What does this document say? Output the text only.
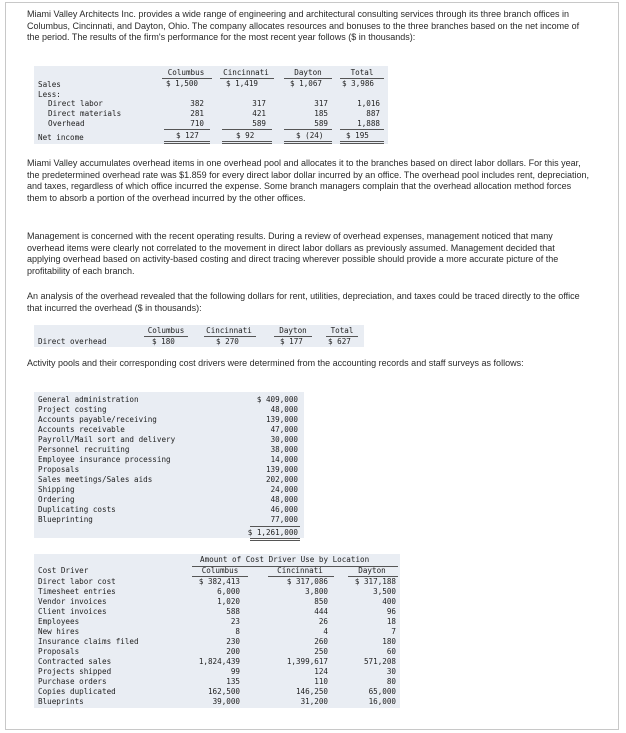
Miami Valley Architects Inc. provides a wide range of engineering and architectural consulting services through its three branch offices in Columbus, Cincinnati, and Dayton, Ohio. The company allocates resources and bonuses to the three branches based on the net income of the period. The results of the firm's performance for the most recent year follows ($ in thousands):

Columbus	Cincinnati	Dayton	Total
Sales	$ 1,500	$ 1,419	$ 1,067	$ 3,986
Less:
Direct labor	382	317	317	1,016
Direct materials	281	421	185	887
Overhead	710	589	589	1,888
Net income	$ 127	$ 92	$ (24)	$ 195

Miami Valley accumulates overhead items in one overhead pool and allocates it to the branches based on direct labor dollars. For this year, the predetermined overhead rate was $1.859 for every direct labor dollar incurred by an office. The overhead pool includes rent, depreciation, and taxes, regardless of which office incurred the expense. Some branch managers complain that the overhead allocation method forces them to absorb a portion of the overhead incurred by the other offices.

Management is concerned with the recent operating results. During a review of overhead expenses, management noticed that many overhead items were clearly not correlated to the movement in direct labor dollars as previously assumed. Management decided that applying overhead based on activity-based costing and direct tracing wherever possible should provide a more accurate picture of the profitability of each branch.

An analysis of the overhead revealed that the following dollars for rent, utilities, depreciation, and taxes could be traced directly to the office that incurred the overhead ($ in thousands):

Columbus	Cincinnati	Dayton	Total
Direct overhead	$ 180	$ 270	$ 177	$ 627

Activity pools and their corresponding cost drivers were determined from the accounting records and staff surveys as follows:

General administration	$ 409,000
Project costing	48,000
Accounts payable/receiving	139,000
Accounts receivable	47,000
Payroll/Mail sort and delivery	30,000
Personnel recruiting	38,000
Employee insurance processing	14,000
Proposals	139,000
Sales meetings/Sales aids	202,000
Shipping	24,000
Ordering	48,000
Duplicating costs	46,000
Blueprinting	77,000
$ 1,261,000
Amount of Cost Driver Use by Location
Cost Driver	Columbus	Cincinnati	Dayton
Direct labor cost	$ 382,413	$ 317,086	$ 317,188
Timesheet entries	6,000	3,800	3,500
Vendor invoices	1,020	850	400
Client invoices	588	444	96
Employees	23	26	18
New hires	8	4	7
Insurance claims filed	230	260	180
Proposals	200	250	60
Contracted sales	1,824,439	1,399,617	571,208
Projects shipped	99	124	30
Purchase orders	135	110	80
Copies duplicated	162,500	146,250	65,000
Blueprints	39,000	31,200	16,000
